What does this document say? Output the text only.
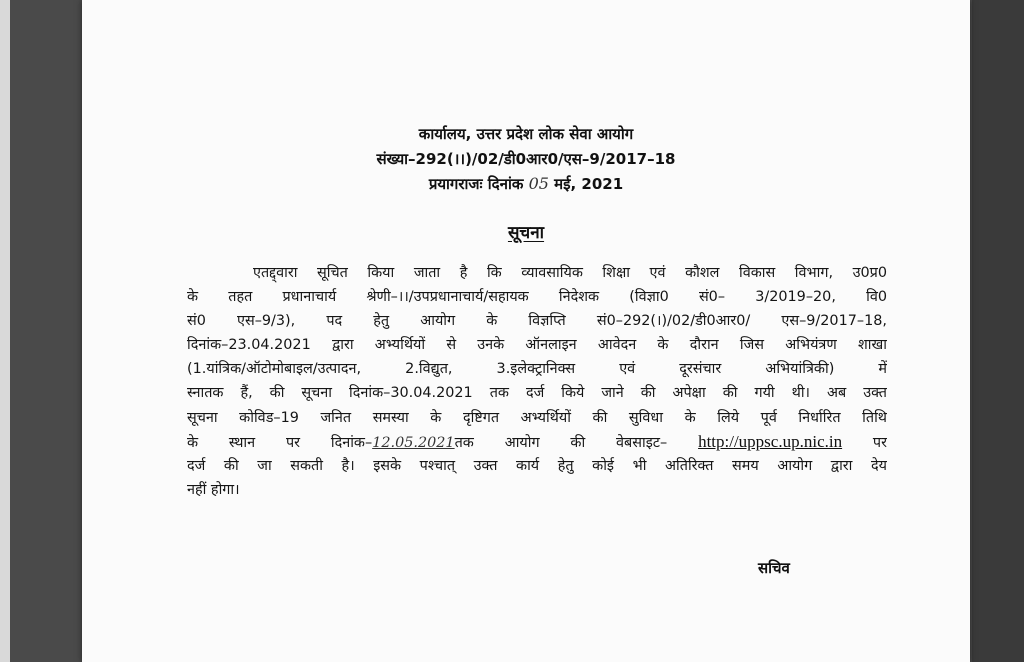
कार्यालय, उत्तर प्रदेश लोक सेवा आयोग
संख्या–292(।।)/02/डी0आर0/एस–9/2017–18
प्रयागराजः दिनांक 05 मई, 2021
सूचना
एतद्द्वारा सूचित किया जाता है कि व्यावसायिक शिक्षा एवं कौशल विकास विभाग, उ0प्र0
के तहत प्रधानाचार्य श्रेणी–।।/उपप्रधानाचार्य/सहायक निदेशक (विज्ञा0 सं0– 3/2019–20, वि0
सं0 एस–9/3), पद हेतु आयोग के विज्ञप्ति सं0–292(।)/02/डी0आर0/ एस–9/2017–18,
दिनांक–23.04.2021 द्वारा अभ्यर्थियों से उनके ऑनलाइन आवेदन के दौरान जिस अभियंत्रण शाखा
(1.यांत्रिक/ऑटोमोबाइल/उत्पादन, 2.विद्युत, 3.इलेक्ट्रानिक्स एवं दूरसंचार अभियांत्रिकी) में
स्नातक हैं, की सूचना दिनांक–30.04.2021 तक दर्ज किये जाने की अपेक्षा की गयी थी। अब उक्त
सूचना कोविड–19 जनित समस्या के दृष्टिगत अभ्यर्थियों की सुविधा के लिये पूर्व निर्धारित तिथि
के स्थान पर दिनांक–12.05.2021तक आयोग की वेबसाइट– http://uppsc.up.nic.in पर
दर्ज की जा सकती है। इसके पश्चात् उक्त कार्य हेतु कोई भी अतिरिक्त समय आयोग द्वारा देय
नहीं होगा।
सचिव
